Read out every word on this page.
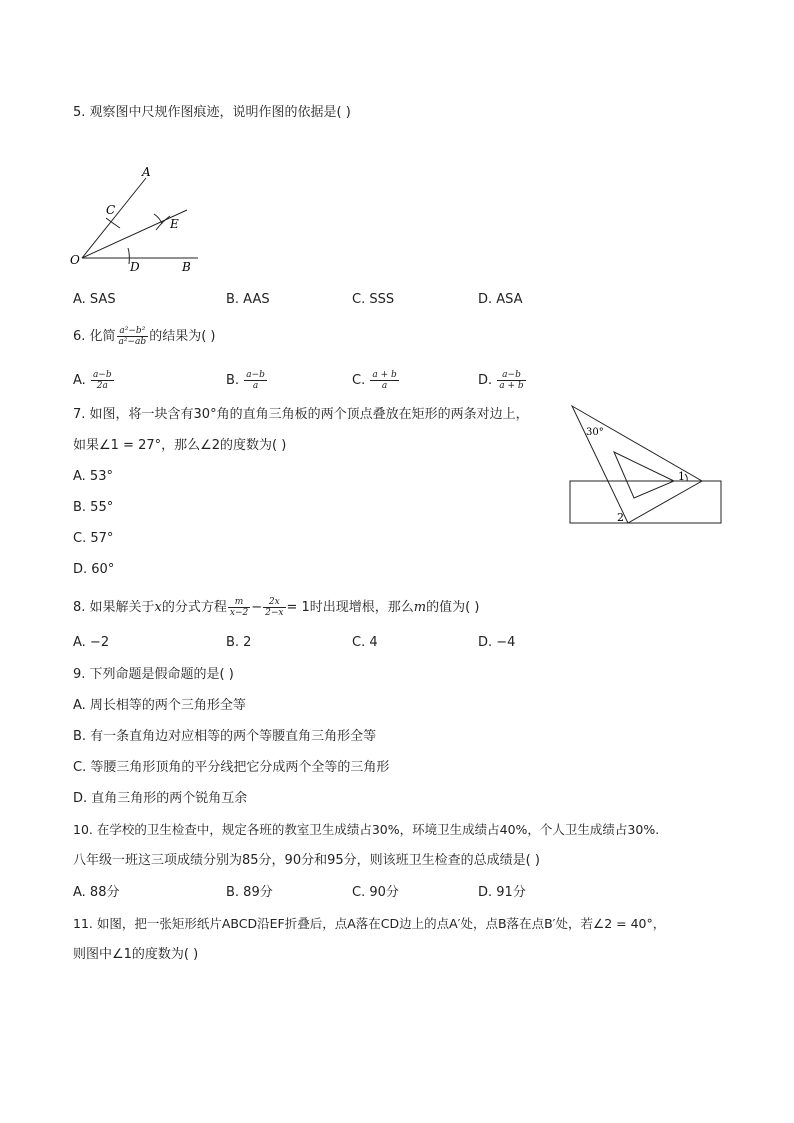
5. 观察图中尺规作图痕迹，说明作图的依据是( )
A
C
E
O	D	B
A. SAS	B. AAS	C. SSS	D. ASA
6. 化简 $\frac{\text{a²−b²}}{\text{a²−ab}}$ 的结果为( )
A. $\frac{a-b}{2a}$	B. $\frac{a-b}{a}$	C. $\frac{a + b}{a}$	D. $\frac{a-b}{a + b}$
7. 如图，将一块含有30°角的直角三角板的两个顶点叠放在矩形的两条对边上，
如果∠1 = 27°，那么∠2的度数为( )
A. 53°
B. 55°
C. 57°
D. 60°
30°
1
2
8. 如果解关于x的分式方程 $\frac{m}{x-2} - \frac{2x}{2-x} = 1$时出现增根，那么m的值为( )
A. −2	B. 2	C. 4	D. −4
9. 下列命题是假命题的是( )
A. 周长相等的两个三角形全等
B. 有一条直角边对应相等的两个等腰直角三角形全等
C. 等腰三角形顶角的平分线把它分成两个全等的三角形
D. 直角三角形的两个锐角互余
10. 在学校的卫生检查中，规定各班的教室卫生成绩占30%，环境卫生成绩占40%，个人卫生成绩占30%.
八年级一班这三项成绩分别为85分，90分和95分，则该班卫生检查的总成绩是( )
A. 88分	B. 89分	C. 90分	D. 91分
11. 如图，把一张矩形纸片ABCD沿EF折叠后，点A落在CD边上的点A′处，点B落在点B′处，若∠2 = 40°，
则图中∠1的度数为( )
